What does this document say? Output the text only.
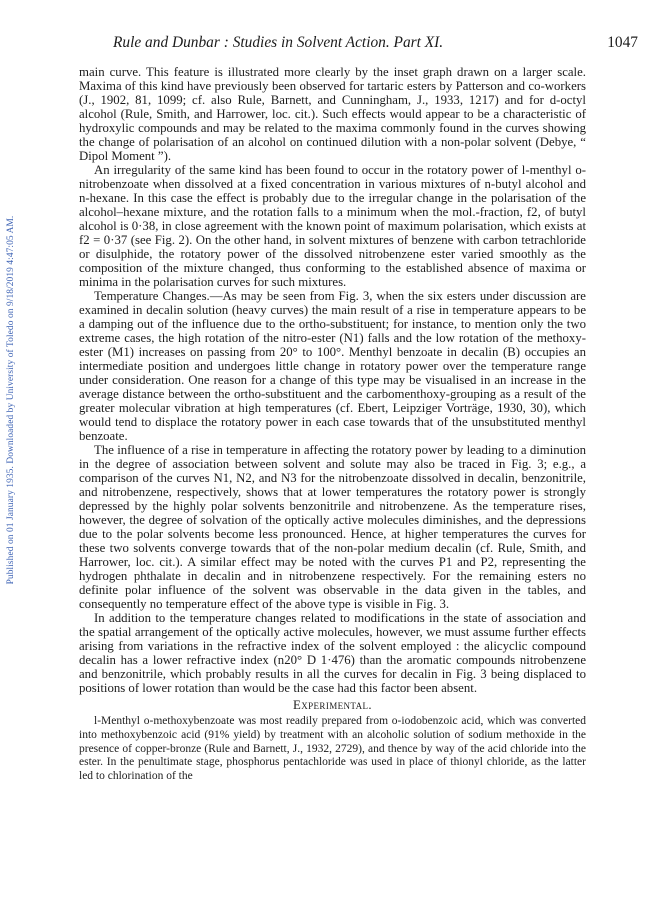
Published on 01 January 1935. Downloaded by University of Toledo on 9/18/2019 4:47:05 AM.
Rule and Dunbar : Studies in Solvent Action. Part XI.	1047

main curve. This feature is illustrated more clearly by the inset graph drawn on a larger scale. Maxima of this kind have previously been observed for tartaric esters by Patterson and co-workers (J., 1902, 81, 1099; cf. also Rule, Barnett, and Cunningham, J., 1933, 1217) and for d-octyl alcohol (Rule, Smith, and Harrower, loc. cit.). Such effects would appear to be a characteristic of hydroxylic compounds and may be related to the maxima commonly found in the curves showing the change of polarisation of an alcohol on continued dilution with a non-polar solvent (Debye, “ Dipol Moment ”).

An irregularity of the same kind has been found to occur in the rotatory power of l-menthyl o-nitrobenzoate when dissolved at a fixed concentration in various mixtures of n-butyl alcohol and n-hexane. In this case the effect is probably due to the irregular change in the polarisation of the alcohol–hexane mixture, and the rotation falls to a minimum when the mol.-fraction, f2, of butyl alcohol is 0·38, in close agreement with the known point of maximum polarisation, which exists at f2 = 0·37 (see Fig. 2). On the other hand, in solvent mixtures of benzene with carbon tetrachloride or disulphide, the rotatory power of the dissolved nitrobenzene ester varied smoothly as the composition of the mixture changed, thus conforming to the established absence of maxima or minima in the polarisation curves for such mixtures.

Temperature Changes.—As may be seen from Fig. 3, when the six esters under discussion are examined in decalin solution (heavy curves) the main result of a rise in temperature appears to be a damping out of the influence due to the ortho-substituent; for instance, to mention only the two extreme cases, the high rotation of the nitro-ester (N1) falls and the low rotation of the methoxy-ester (M1) increases on passing from 20° to 100°. Menthyl benzoate in decalin (B) occupies an intermediate position and undergoes little change in rotatory power over the temperature range under consideration. One reason for a change of this type may be visualised in an increase in the average distance between the ortho-substituent and the carbomenthoxy-grouping as a result of the greater molecular vibration at high temperatures (cf. Ebert, Leipziger Vorträge, 1930, 30), which would tend to displace the rotatory power in each case towards that of the unsubstituted menthyl benzoate.

The influence of a rise in temperature in affecting the rotatory power by leading to a diminution in the degree of association between solvent and solute may also be traced in Fig. 3; e.g., a comparison of the curves N1, N2, and N3 for the nitrobenzoate dissolved in decalin, benzonitrile, and nitrobenzene, respectively, shows that at lower temperatures the rotatory power is strongly depressed by the highly polar solvents benzonitrile and nitrobenzene. As the temperature rises, however, the degree of solvation of the optically active molecules diminishes, and the depressions due to the polar solvents become less pronounced. Hence, at higher temperatures the curves for these two solvents converge towards that of the non-polar medium decalin (cf. Rule, Smith, and Harrower, loc. cit.). A similar effect may be noted with the curves P1 and P2, representing the hydrogen phthalate in decalin and in nitrobenzene respectively. For the remaining esters no definite polar influence of the solvent was observable in the data given in the tables, and consequently no temperature effect of the above type is visible in Fig. 3.

In addition to the temperature changes related to modifications in the state of association and the spatial arrangement of the optically active molecules, however, we must assume further effects arising from variations in the refractive index of the solvent employed : the alicyclic compound decalin has a lower refractive index (n20° D 1·476) than the aromatic compounds nitrobenzene and benzonitrile, which probably results in all the curves for decalin in Fig. 3 being displaced to positions of lower rotation than would be the case had this factor been absent.

Experimental.

l-Menthyl o-methoxybenzoate was most readily prepared from o-iodobenzoic acid, which was converted into methoxybenzoic acid (91% yield) by treatment with an alcoholic solution of sodium methoxide in the presence of copper-bronze (Rule and Barnett, J., 1932, 2729), and thence by way of the acid chloride into the ester. In the penultimate stage, phosphorus pentachloride was used in place of thionyl chloride, as the latter led to chlorination of the
